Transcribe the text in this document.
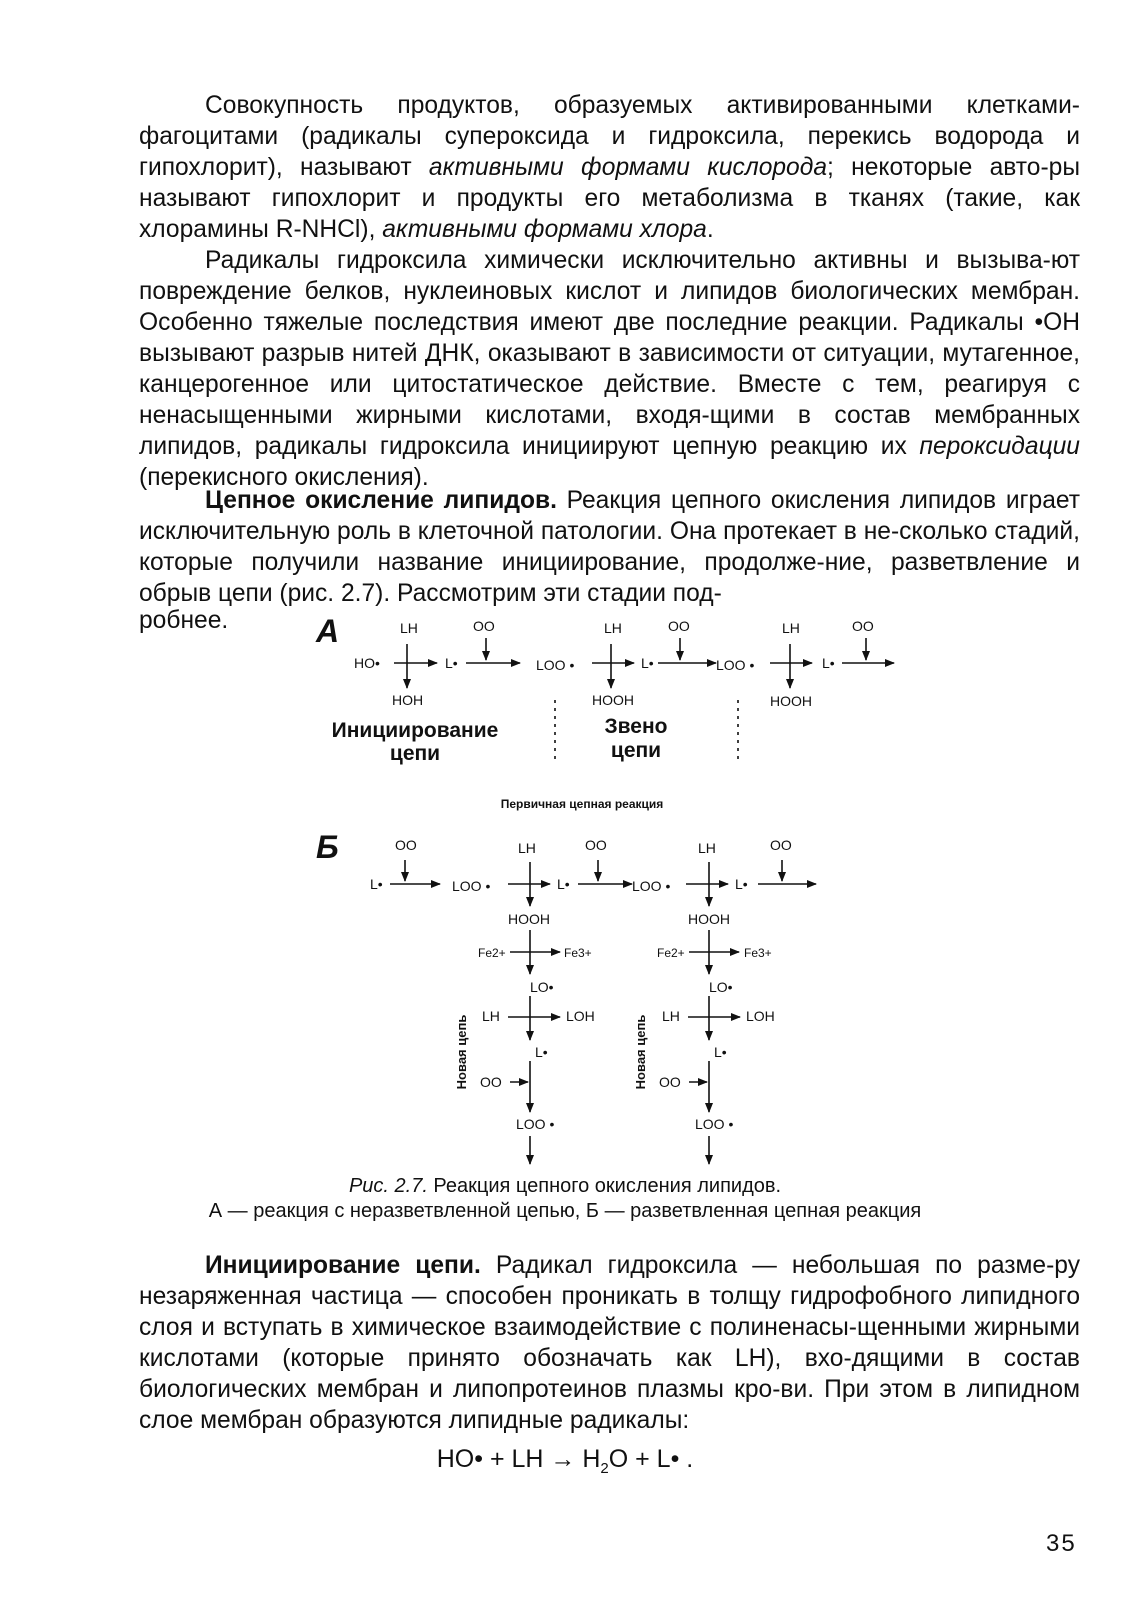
Совокупность продуктов, образуемых активированными клетками-фагоцитами (радикалы супероксида и гидроксила, перекись водорода и гипохлорит), называют активными формами кислорода; некоторые авто-ры называют гипохлорит и продукты его метаболизма в тканях (такие, как хлорамины R-NHCl), активными формами хлора.

Радикалы гидроксила химически исключительно активны и вызыва-ют повреждение белков, нуклеиновых кислот и липидов биологических мембран. Особенно тяжелые последствия имеют две последние реакции. Радикалы •ОН вызывают разрыв нитей ДНК, оказывают в зависимости от ситуации, мутагенное, канцерогенное или цитостатическое действие. Вместе с тем, реагируя с ненасыщенными жирными кислотами, входя-щими в состав мембранных липидов, радикалы гидроксила инициируют цепную реакцию их пероксидации (перекисного окисления).

Цепное окисление липидов. Реакция цепного окисления липидов играет исключительную роль в клеточной патологии. Она протекает в не-сколько стадий, которые получили название инициирование, продолже-ние, разветвление и обрыв цепи (рис. 2.7). Рассмотрим эти стадии под-

робнее.	А	LH	OO
HO•	L•	LOO •
LH	OO
L•	LOO •
LH	OO
L•
HOH	HOOH	HOOH
Инициирование
цепи
Звено
цепи
Первичная цепная реакция
Б	OO
L•	LOO •
LH	OO
L•	LOO •
LH	OO
L•
HOOH	HOOH
Fe2+	Fe3+	Fe2+	Fe3+
LO•	LO•
LH	LOH	LH	LOH
L•	L•
OO	OO
LOO •	LOO •
Новая цепь	Новая цепь
Рис. 2.7. Реакция цепного окисления липидов.
А — реакция с неразветвленной цепью, Б — разветвленная цепная реакция

Инициирование цепи. Радикал гидроксила — небольшая по разме-ру незаряженная частица — способен проникать в толщу гидрофобного липидного слоя и вступать в химическое взаимодействие с полиненасы-щенными жирными кислотами (которые принято обозначать как LH), вхо-дящими в состав биологических мембран и липопротеинов плазмы кро-ви. При этом в липидном слое мембран образуются липидные радикалы:

HO• + LH → $H_2O$ + L• .
35
